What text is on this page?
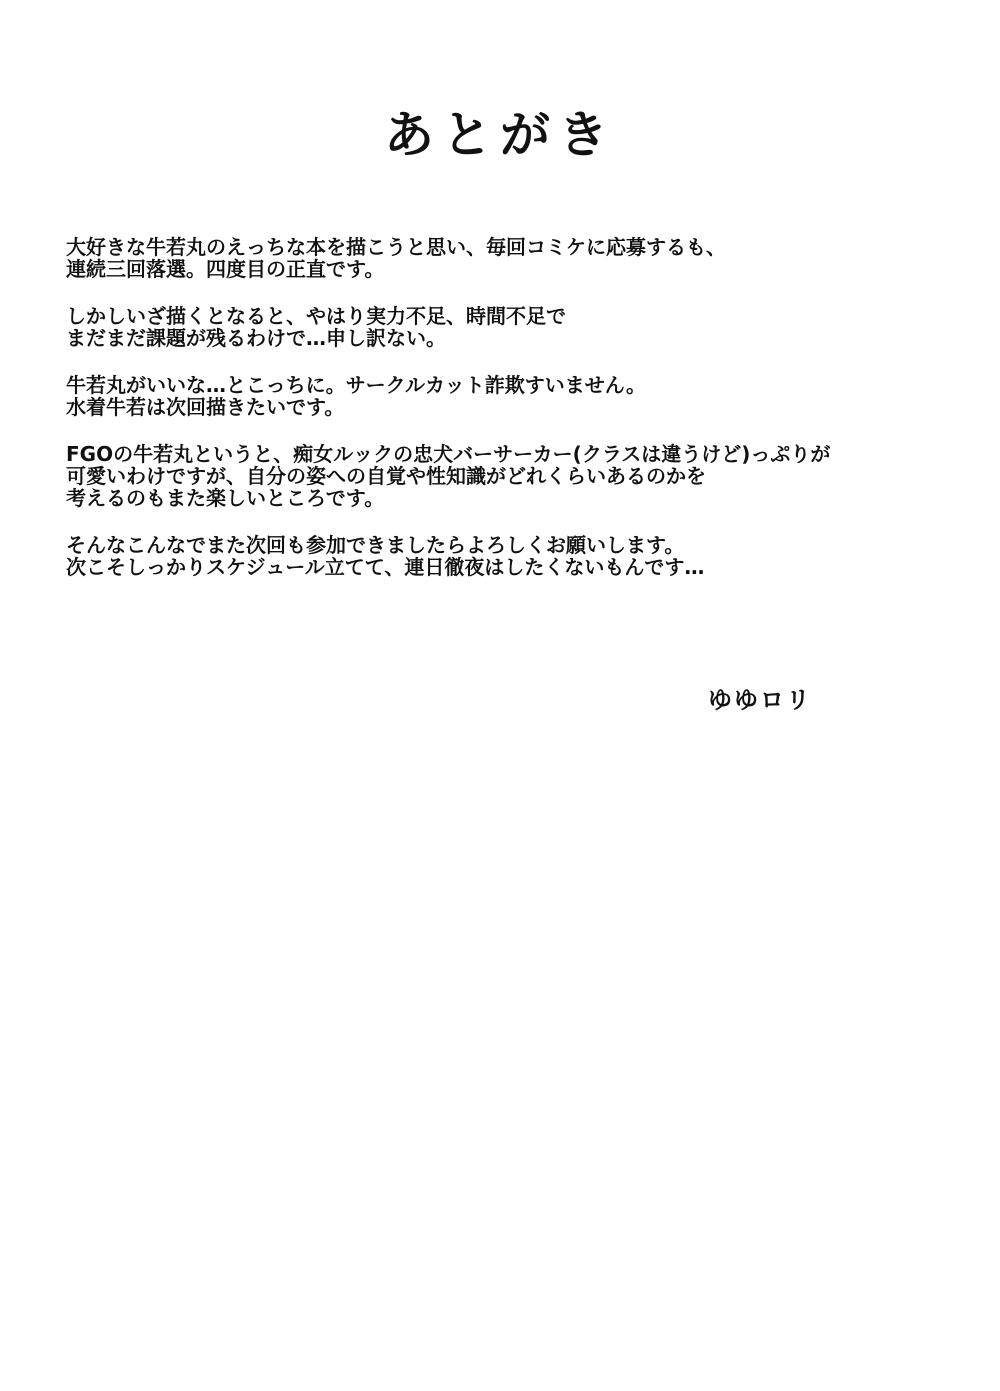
あとがき
大好きな牛若丸のえっちな本を描こうと思い、毎回コミケに応募するも、
連続三回落選。四度目の正直です。
しかしいざ描くとなると、やはり実力不足、時間不足で
まだまだ課題が残るわけで…申し訳ない。
牛若丸がいいな…とこっちに。サークルカット詐欺すいません。
水着牛若は次回描きたいです。
FGOの牛若丸というと、痴女ルックの忠犬バーサーカー(クラスは違うけど)っぷりが
可愛いわけですが、自分の姿への自覚や性知識がどれくらいあるのかを
考えるのもまた楽しいところです。
そんなこんなでまた次回も参加できましたらよろしくお願いします。
次こそしっかりスケジュール立てて、連日徹夜はしたくないもんです…
ゆゆロリ
